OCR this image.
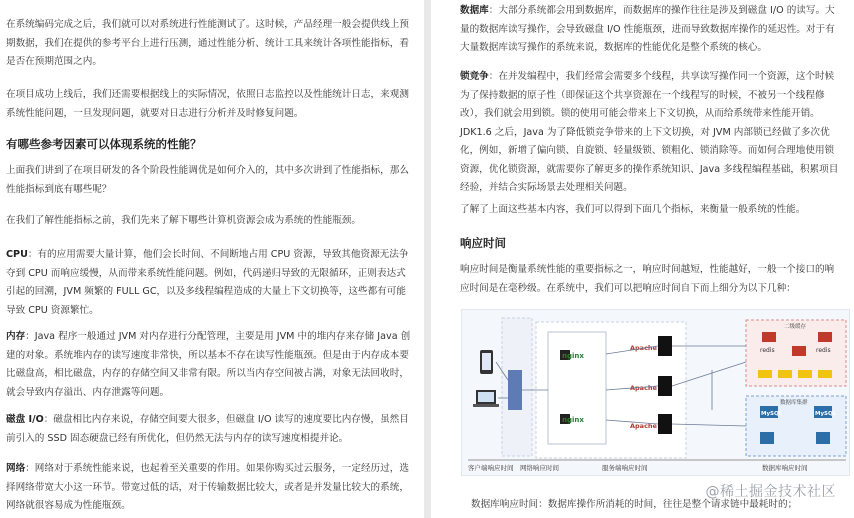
在系统编码完成之后，我们就可以对系统进行性能测试了。这时候，产品经理一般会提供线上预期数据，我们在提供的参考平台上进行压测，通过性能分析、统计工具来统计各项性能指标，看是否在预期范围之内。

在项目成功上线后，我们还需要根据线上的实际情况，依照日志监控以及性能统计日志，来观测系统性能问题，一旦发现问题，就要对日志进行分析并及时修复问题。

有哪些参考因素可以体现系统的性能？

上面我们讲到了在项目研发的各个阶段性能调优是如何介入的，其中多次讲到了性能指标，那么性能指标到底有哪些呢？

在我们了解性能指标之前，我们先来了解下哪些计算机资源会成为系统的性能瓶颈。

CPU：有的应用需要大量计算，他们会长时间、不间断地占用 CPU 资源，导致其他资源无法争夺到 CPU 而响应缓慢，从而带来系统性能问题。例如，代码递归导致的无限循环，正则表达式引起的回溯，JVM 频繁的 FULL GC，以及多线程编程造成的大量上下文切换等，这些都有可能导致 CPU 资源繁忙。

内存：Java 程序一般通过 JVM 对内存进行分配管理，主要是用 JVM 中的堆内存来存储 Java 创建的对象。系统堆内存的读写速度非常快，所以基本不存在读写性能瓶颈。但是由于内存成本要比磁盘高，相比磁盘，内存的存储空间又非常有限。所以当内存空间被占满，对象无法回收时，就会导致内存溢出、内存泄露等问题。

磁盘 I/O：磁盘相比内存来说，存储空间要大很多，但磁盘 I/O 读写的速度要比内存慢，虽然目前引入的 SSD 固态硬盘已经有所优化，但仍然无法与内存的读写速度相提并论。

网络：网络对于系统性能来说，也起着至关重要的作用。如果你购买过云服务，一定经历过，选择网络带宽大小这一环节。带宽过低的话，对于传输数据比较大，或者是并发量比较大的系统，网络就很容易成为性能瓶颈。

数据库：大部分系统都会用到数据库，而数据库的操作往往是涉及到磁盘 I/O 的读写。大量的数据库读写操作，会导致磁盘 I/O 性能瓶颈，进而导致数据库操作的延迟性。对于有大量数据库读写操作的系统来说，数据库的性能优化是整个系统的核心。

锁竞争：在并发编程中，我们经常会需要多个线程，共享读写操作同一个资源，这个时候为了保持数据的原子性（即保证这个共享资源在一个线程写的时候，不被另一个线程修改），我们就会用到锁。锁的使用可能会带来上下文切换，从而给系统带来性能开销。JDK1.6 之后，Java 为了降低锁竞争带来的上下文切换，对 JVM 内部锁已经做了多次优化，例如，新增了偏向锁、自旋锁、轻量级锁、锁粗化、锁消除等。而如何合理地使用锁资源，优化锁资源，就需要你了解更多的操作系统知识、Java 多线程编程基础，积累项目经验，并结合实际场景去处理相关问题。

了解了上面这些基本内容，我们可以得到下面几个指标，来衡量一般系统的性能。

响应时间

响应时间是衡量系统性能的重要指标之一，响应时间越短，性能越好，一般一个接口的响应时间是在毫秒级。在系统中，我们可以把响应时间自下而上细分为以下几种：

nginx
nginx
Apache
Apache
Apache
redis	redis
二级缓存
MySQL	MySQL
数据库集群
客户端响应时间 网络响应时间	服务端响应时间	数据库响应时间
@稀土掘金技术社区

数据库响应时间：数据库操作所消耗的时间，往往是整个请求链中最耗时的；
